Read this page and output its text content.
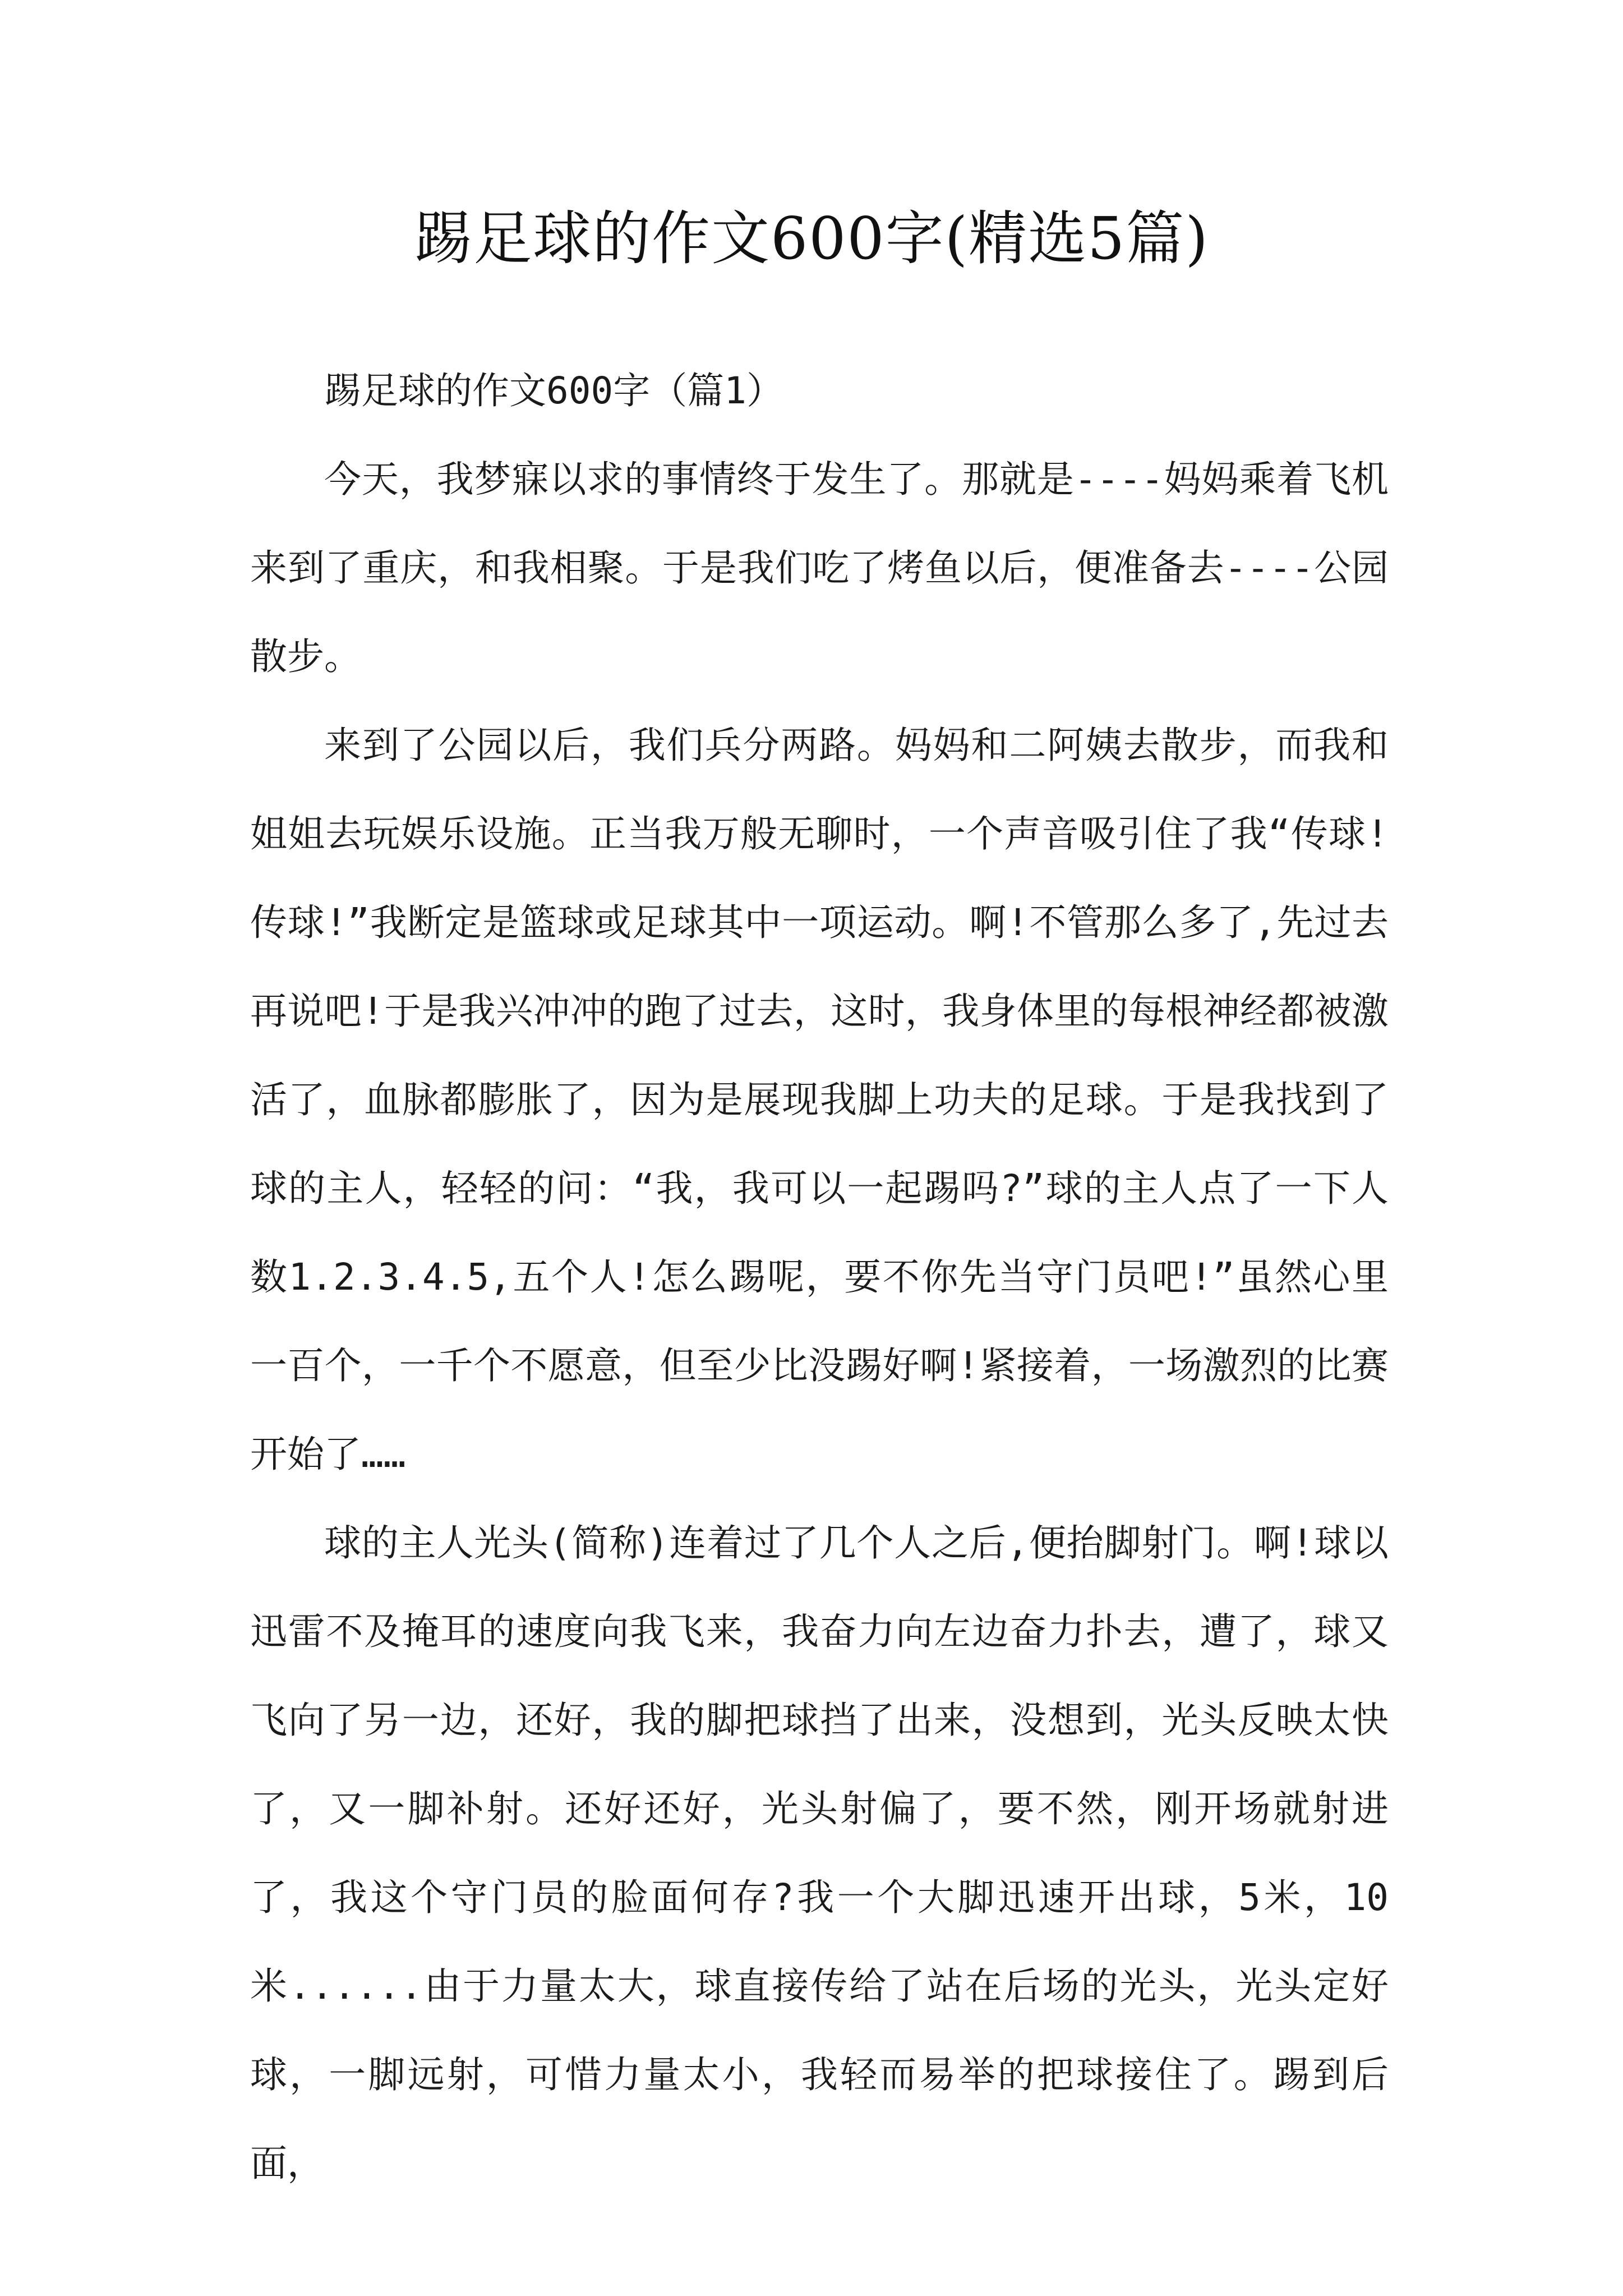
踢足球的作文600字(精选5篇)

踢足球的作文600字（篇1）

今天，我梦寐以求的事情终于发生了。那就是----妈妈乘着飞机来到了重庆，和我相聚。于是我们吃了烤鱼以后，便准备去----公园散步。

来到了公园以后，我们兵分两路。妈妈和二阿姨去散步，而我和姐姐去玩娱乐设施。正当我万般无聊时，一个声音吸引住了我“传球!传球!”我断定是篮球或足球其中一项运动。啊!不管那么多了,先过去再说吧!于是我兴冲冲的跑了过去，这时，我身体里的每根神经都被激活了，血脉都膨胀了，因为是展现我脚上功夫的足球。于是我找到了球的主人，轻轻的问：“我，我可以一起踢吗?”球的主人点了一下人数1.2.3.4.5,五个人!怎么踢呢，要不你先当守门员吧!”虽然心里一百个，一千个不愿意，但至少比没踢好啊!紧接着，一场激烈的比赛开始了……

球的主人光头(简称)连着过了几个人之后,便抬脚射门。啊!球以迅雷不及掩耳的速度向我飞来，我奋力向左边奋力扑去，遭了，球又飞向了另一边，还好，我的脚把球挡了出来，没想到，光头反映太快了，又一脚补射。还好还好，光头射偏了，要不然，刚开场就射进了，我这个守门员的脸面何存?我一个大脚迅速开出球，5米，10米......由于力量太大，球直接传给了站在后场的光头，光头定好球，一脚远射，可惜力量太小，我轻而易举的把球接住了。踢到后面，
